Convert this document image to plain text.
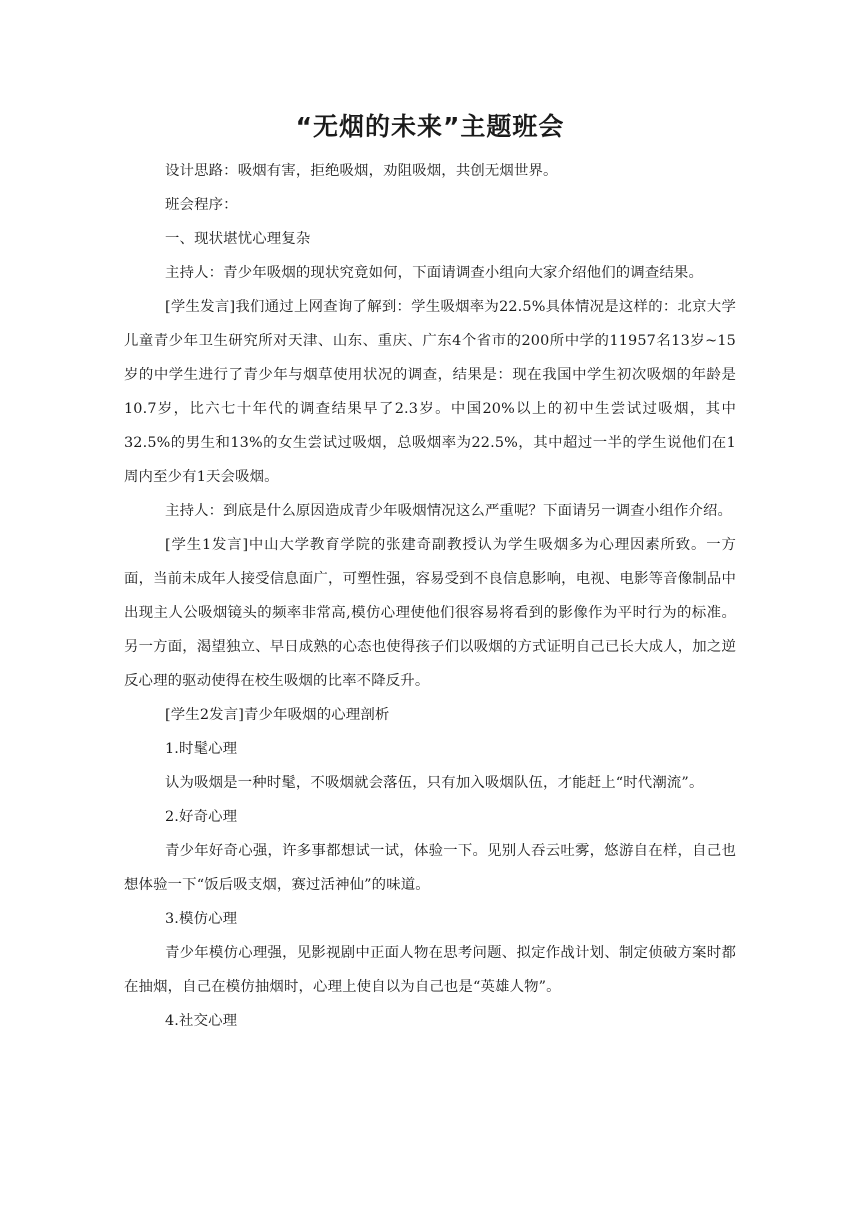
“无烟的未来”主题班会

设计思路：吸烟有害，拒绝吸烟，劝阻吸烟，共创无烟世界。

班会程序：

一、现状堪忧心理复杂

主持人：青少年吸烟的现状究竟如何，下面请调查小组向大家介绍他们的调查结果。

[学生发言]我们通过上网查询了解到：学生吸烟率为22.5%具体情况是这样的：北京大学儿童青少年卫生研究所对天津、山东、重庆、广东4个省市的200所中学的11957名13岁~15岁的中学生进行了青少年与烟草使用状况的调查，结果是：现在我国中学生初次吸烟的年龄是10.7岁，比六七十年代的调查结果早了2.3岁。中国20%以上的初中生尝试过吸烟，其中32.5%的男生和13%的女生尝试过吸烟，总吸烟率为22.5%，其中超过一半的学生说他们在1周内至少有1天会吸烟。

主持人：到底是什么原因造成青少年吸烟情况这么严重呢？下面请另一调查小组作介绍。

[学生1发言]中山大学教育学院的张建奇副教授认为学生吸烟多为心理因素所致。一方面，当前未成年人接受信息面广，可塑性强，容易受到不良信息影响，电视、电影等音像制品中出现主人公吸烟镜头的频率非常高,模仿心理使他们很容易将看到的影像作为平时行为的标准。另一方面，渴望独立、早日成熟的心态也使得孩子们以吸烟的方式证明自己已长大成人，加之逆反心理的驱动使得在校生吸烟的比率不降反升。

[学生2发言]青少年吸烟的心理剖析

1.时髦心理

认为吸烟是一种时髦，不吸烟就会落伍，只有加入吸烟队伍，才能赶上“时代潮流”。

2.好奇心理

青少年好奇心强，许多事都想试一试，体验一下。见别人吞云吐雾，悠游自在样，自己也想体验一下“饭后吸支烟，赛过活神仙”的味道。

3.模仿心理

青少年模仿心理强，见影视剧中正面人物在思考问题、拟定作战计划、制定侦破方案时都在抽烟，自己在模仿抽烟时，心理上使自以为自己也是“英雄人物”。

4.社交心理
